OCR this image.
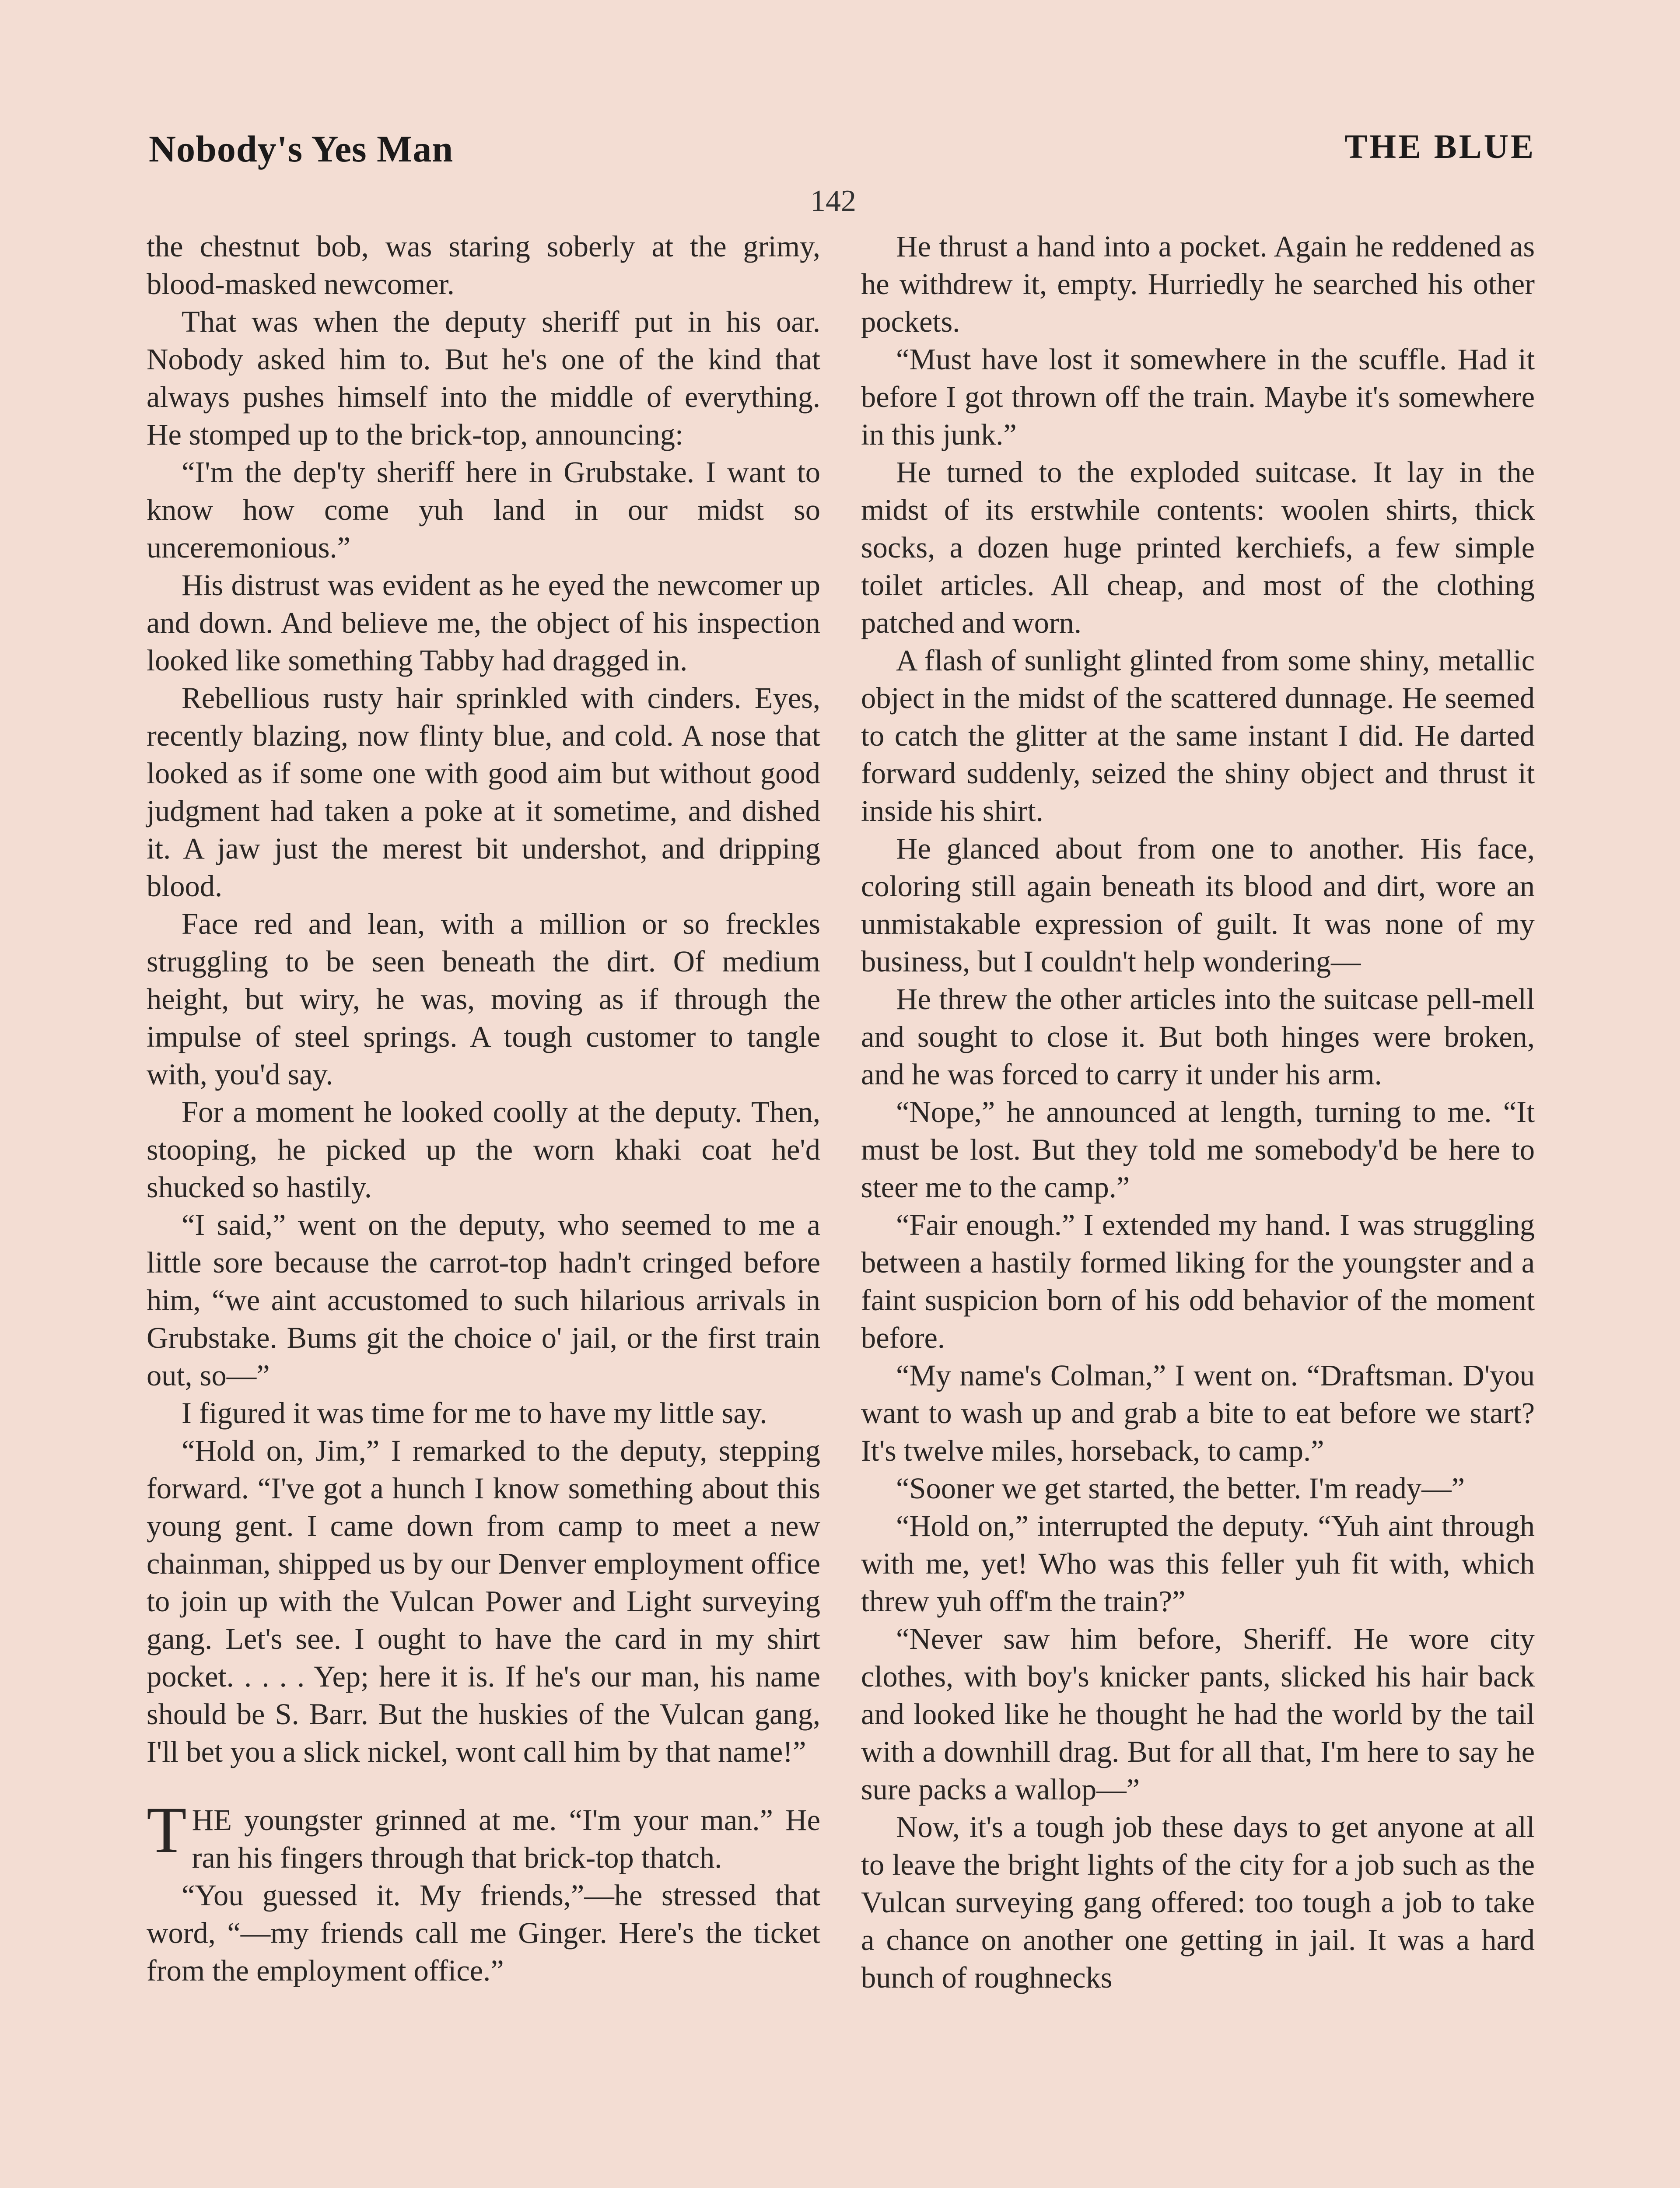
Nobody's Yes Man	THE BLUE
142

the chestnut bob, was staring soberly at the grimy, blood-masked newcomer.

That was when the deputy sheriff put in his oar. Nobody asked him to. But he's one of the kind that always pushes himself into the middle of everything. He stomped up to the brick-top, announcing:

“I'm the dep'ty sheriff here in Grubstake. I want to know how come yuh land in our midst so unceremonious.”

His distrust was evident as he eyed the newcomer up and down. And believe me, the object of his inspection looked like something Tabby had dragged in.

Rebellious rusty hair sprinkled with cinders. Eyes, recently blazing, now flinty blue, and cold. A nose that looked as if some one with good aim but without good judgment had taken a poke at it sometime, and dished it. A jaw just the merest bit undershot, and dripping blood.

Face red and lean, with a million or so freckles struggling to be seen beneath the dirt. Of medium height, but wiry, he was, moving as if through the impulse of steel springs. A tough customer to tangle with, you'd say.

For a moment he looked coolly at the deputy. Then, stooping, he picked up the worn khaki coat he'd shucked so hastily.

“I said,” went on the deputy, who seemed to me a little sore because the carrot-top hadn't cringed before him, “we aint accustomed to such hilarious arrivals in Grubstake. Bums git the choice o' jail, or the first train out, so—”

I figured it was time for me to have my little say.

“Hold on, Jim,” I remarked to the deputy, stepping forward. “I've got a hunch I know something about this young gent. I came down from camp to meet a new chainman, shipped us by our Denver employment office to join up with the Vulcan Power and Light surveying gang. Let's see. I ought to have the card in my shirt pocket. . . . . Yep; here it is. If he's our man, his name should be S. Barr. But the huskies of the Vulcan gang, I'll bet you a slick nickel, wont call him by that name!”

THE youngster grinned at me. “I'm your man.” He ran his fingers through that brick-top thatch.

“You guessed it. My friends,”—he stressed that word, “—my friends call me Ginger. Here's the ticket from the employment office.”

He thrust a hand into a pocket. Again he reddened as he withdrew it, empty. Hurriedly he searched his other pockets.

“Must have lost it somewhere in the scuffle. Had it before I got thrown off the train. Maybe it's somewhere in this junk.”

He turned to the exploded suitcase. It lay in the midst of its erstwhile contents: woolen shirts, thick socks, a dozen huge printed kerchiefs, a few simple toilet articles. All cheap, and most of the clothing patched and worn.

A flash of sunlight glinted from some shiny, metallic object in the midst of the scattered dunnage. He seemed to catch the glitter at the same instant I did. He darted forward suddenly, seized the shiny object and thrust it inside his shirt.

He glanced about from one to another. His face, coloring still again beneath its blood and dirt, wore an unmistakable expression of guilt. It was none of my business, but I couldn't help wondering—

He threw the other articles into the suitcase pell-mell and sought to close it. But both hinges were broken, and he was forced to carry it under his arm.

“Nope,” he announced at length, turning to me. “It must be lost. But they told me somebody'd be here to steer me to the camp.”

“Fair enough.” I extended my hand. I was struggling between a hastily formed liking for the youngster and a faint suspicion born of his odd behavior of the moment before.

“My name's Colman,” I went on. “Draftsman. D'you want to wash up and grab a bite to eat before we start? It's twelve miles, horseback, to camp.”

“Sooner we get started, the better. I'm ready—”

“Hold on,” interrupted the deputy. “Yuh aint through with me, yet! Who was this feller yuh fit with, which threw yuh off'm the train?”

“Never saw him before, Sheriff. He wore city clothes, with boy's knicker pants, slicked his hair back and looked like he thought he had the world by the tail with a downhill drag. But for all that, I'm here to say he sure packs a wallop—”

Now, it's a tough job these days to get anyone at all to leave the bright lights of the city for a job such as the Vulcan surveying gang offered: too tough a job to take a chance on another one getting in jail. It was a hard bunch of roughnecks
